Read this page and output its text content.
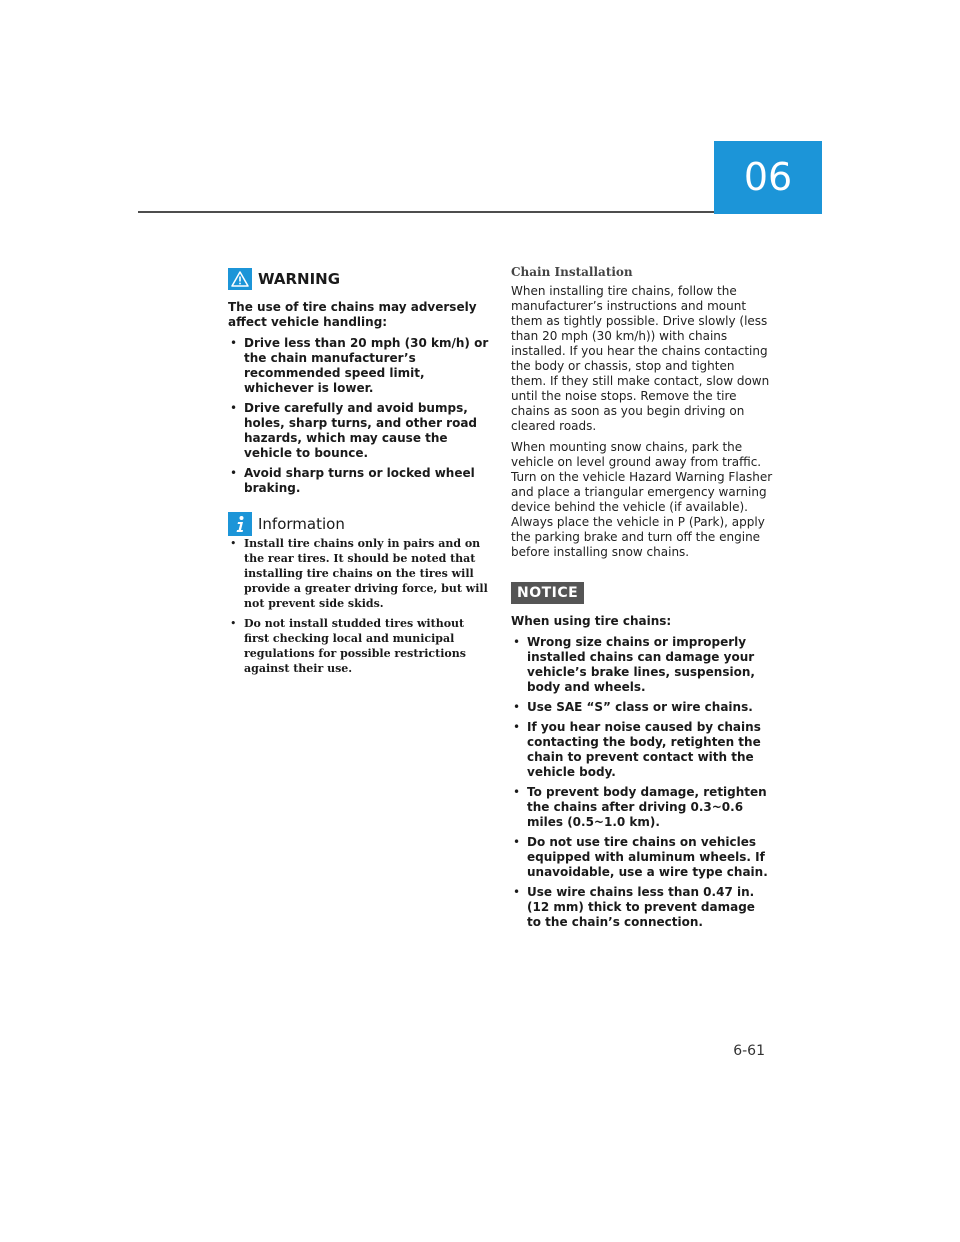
06
WARNING

The use of tire chains may adversely affect vehicle handling:

• Drive less than 20 mph (30 km/h) or the chain manufacturer’s recommended speed limit, whichever is lower.
• Drive carefully and avoid bumps, holes, sharp turns, and other road hazards, which may cause the vehicle to bounce.
• Avoid sharp turns or locked wheel braking.
Information
• Install tire chains only in pairs and on the rear tires. It should be noted that installing tire chains on the tires will provide a greater driving force, but will not prevent side skids.
• Do not install studded tires without first checking local and municipal regulations for possible restrictions against their use.
Chain Installation

When installing tire chains, follow the manufacturer’s instructions and mount them as tightly possible. Drive slowly (less than 20 mph (30 km/h)) with chains installed. If you hear the chains contacting the body or chassis, stop and tighten them. If they still make contact, slow down until the noise stops. Remove the tire chains as soon as you begin driving on cleared roads.

When mounting snow chains, park the vehicle on level ground away from traffic. Turn on the vehicle Hazard Warning Flasher and place a triangular emergency warning device behind the vehicle (if available). Always place the vehicle in P (Park), apply the parking brake and turn off the engine before installing snow chains.

NOTICE

When using tire chains:

• Wrong size chains or improperly installed chains can damage your vehicle’s brake lines, suspension, body and wheels.
• Use SAE “S” class or wire chains.
• If you hear noise caused by chains contacting the body, retighten the chain to prevent contact with the vehicle body.
• To prevent body damage, retighten the chains after driving 0.3~0.6 miles (0.5~1.0 km).
• Do not use tire chains on vehicles equipped with aluminum wheels. If unavoidable, use a wire type chain.
• Use wire chains less than 0.47 in. (12 mm) thick to prevent damage to the chain’s connection.
6-61
